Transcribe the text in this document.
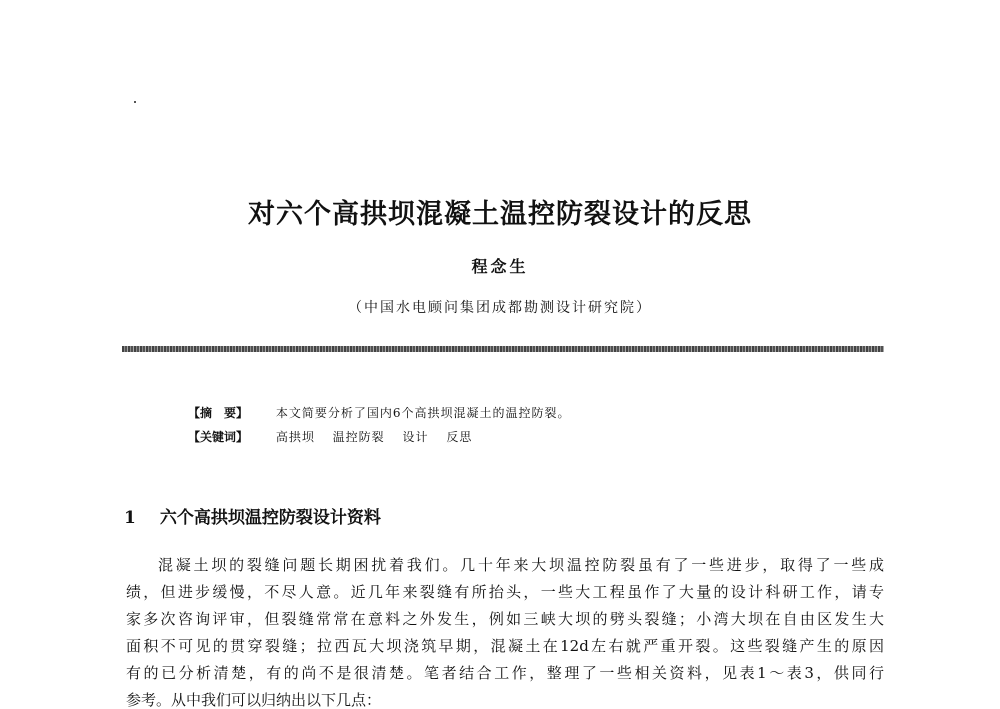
对六个高拱坝混凝土温控防裂设计的反思
程念生
（中国水电顾问集团成都勘测设计研究院）
【摘　要】 本文简要分析了国内6个高拱坝混凝土的温控防裂。
【关键词】 高拱坝 温控防裂 设计 反思
1 六个高拱坝温控防裂设计资料
混凝土坝的裂缝问题长期困扰着我们。几十年来大坝温控防裂虽有了一些进步，取得了一些成
绩，但进步缓慢，不尽人意。近几年来裂缝有所抬头，一些大工程虽作了大量的设计科研工作，请专
家多次咨询评审，但裂缝常常在意料之外发生，例如三峡大坝的劈头裂缝；小湾大坝在自由区发生大
面积不可见的贯穿裂缝；拉西瓦大坝浇筑早期，混凝土在12d左右就严重开裂。这些裂缝产生的原因
有的已分析清楚，有的尚不是很清楚。笔者结合工作，整理了一些相关资料，见表1～表3，供同行
参考。从中我们可以归纳出以下几点：
